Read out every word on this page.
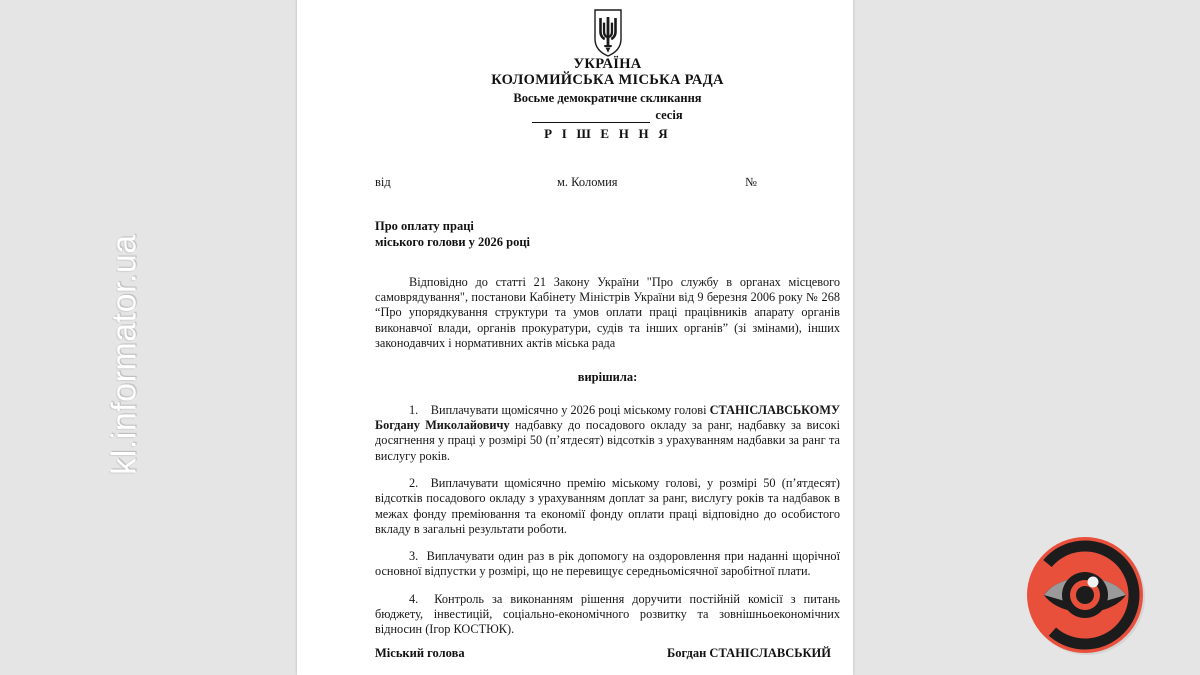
kl.informator.ua
УКРАЇНА
КОЛОМИЙСЬКА МІСЬКА РАДА
Восьме демократичне скликання
сесія
Р І Ш Е Н Н Я
від	м. Коломия	№
Про оплату праці
міського голови у 2026 році

Відповідно до статті 21 Закону України "Про службу в органах місцевого самоврядування", постанови Кабінету Міністрів України від 9 березня 2006 року № 268 “Про упорядкування структури та умов оплати праці працівників апарату органів виконавчої влади, органів прокуратури, судів та інших органів” (зі змінами), інших законодавчих і нормативних актів міська рада

вирішила:

1. Виплачувати щомісячно у 2026 році міському голові СТАНІСЛАВСЬКОМУ Богдану Миколайовичу надбавку до посадового окладу за ранг, надбавку за високі досягнення у праці у розмірі 50 (п’ятдесят) відсотків з урахуванням надбавки за ранг та вислугу років.

2. Виплачувати щомісячно премію міському голові, у розмірі 50 (п’ятдесят) відсотків посадового окладу з урахуванням доплат за ранг, вислугу років та надбавок в межах фонду преміювання та економії фонду оплати праці відповідно до особистого вкладу в загальні результати роботи.

3. Виплачувати один раз в рік допомогу на оздоровлення при наданні щорічної основної відпустки у розмірі, що не перевищує середньомісячної заробітної плати.

4. Контроль за виконанням рішення доручити постійній комісії з питань бюджету, інвестицій, соціально-економічного розвитку та зовнішньоекономічних відносин (Ігор КОСТЮК).

Міський голова	Богдан СТАНІСЛАВСЬКИЙ
